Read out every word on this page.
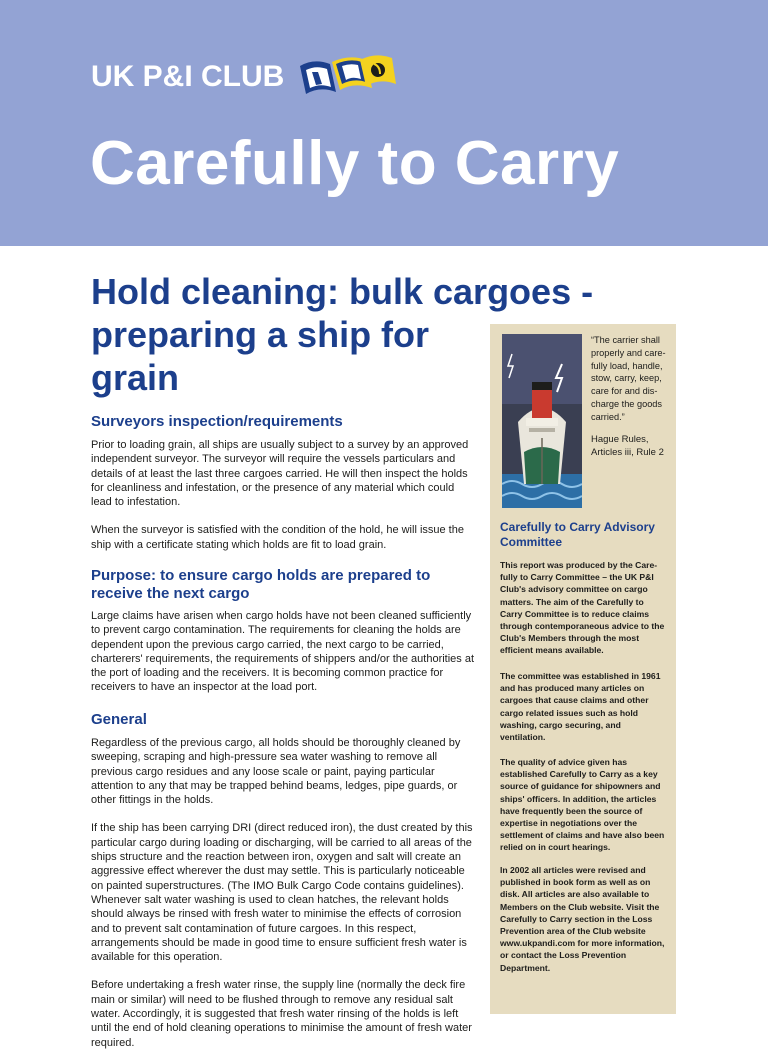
UK P&I CLUB
Carefully to Carry
Hold cleaning: bulk cargoes -
preparing a ship for
grain
Surveyors inspection/requirements

Prior to loading grain, all ships are usually subject to a survey by an approved independent surveyor. The surveyor will require the vessels particulars and details of at least the last three cargoes carried. He will then inspect the holds for cleanliness and infestation, or the presence of any material which could lead to infestation.

When the surveyor is satisfied with the condition of the hold, he will issue the ship with a certificate stating which holds are fit to load grain.

Purpose: to ensure cargo holds are prepared to receive the next cargo

Large claims have arisen when cargo holds have not been cleaned sufficiently to prevent cargo contamination. The requirements for cleaning the holds are dependent upon the previous cargo carried, the next cargo to be carried, charterers' requirements, the requirements of shippers and/or the authorities at the port of loading and the receivers. It is becoming common practice for receivers to have an inspector at the load port.

General

Regardless of the previous cargo, all holds should be thoroughly cleaned by sweeping, scraping and high-pressure sea water washing to remove all previous cargo residues and any loose scale or paint, paying particular attention to any that may be trapped behind beams, ledges, pipe guards, or other fittings in the holds.

If the ship has been carrying DRI (direct reduced iron), the dust created by this particular cargo during loading or discharging, will be carried to all areas of the ships structure and the reaction between iron, oxygen and salt will create an aggressive effect wherever the dust may settle. This is particularly noticeable on painted superstructures. (The IMO Bulk Cargo Code contains guidelines). Whenever salt water washing is used to clean hatches, the relevant holds should always be rinsed with fresh water to minimise the effects of corrosion and to prevent salt contamination of future cargoes. In this respect, arrangements should be made in good time to ensure sufficient fresh water is available for this operation.

Before undertaking a fresh water rinse, the supply line (normally the deck fire main or similar) will need to be flushed through to remove any residual salt water. Accordingly, it is suggested that fresh water rinsing of the holds is left until the end of hold cleaning operations to minimise the amount of fresh water required.

“The carrier shall properly and care-fully load, handle, stow, carry, keep, care for and dis-charge the goods carried.”
Hague Rules, Articles iii, Rule 2
Carefully to Carry Advisory Committee

This report was produced by the Care-fully to Carry Committee – the UK P&I Club's advisory committee on cargo matters. The aim of the Carefully to Carry Committee is to reduce claims through contemporaneous advice to the Club's Members through the most efficient means available.

The committee was established in 1961 and has produced many articles on cargoes that cause claims and other cargo related issues such as hold washing, cargo securing, and ventilation.

The quality of advice given has established Carefully to Carry as a key source of guidance for shipowners and ships' officers. In addition, the articles have frequently been the source of expertise in negotiations over the settlement of claims and have also been relied on in court hearings.

In 2002 all articles were revised and published in book form as well as on disk. All articles are also available to Members on the Club website. Visit the Carefully to Carry section in the Loss Prevention area of the Club website www.ukpandi.com for more information, or contact the Loss Prevention Department.
